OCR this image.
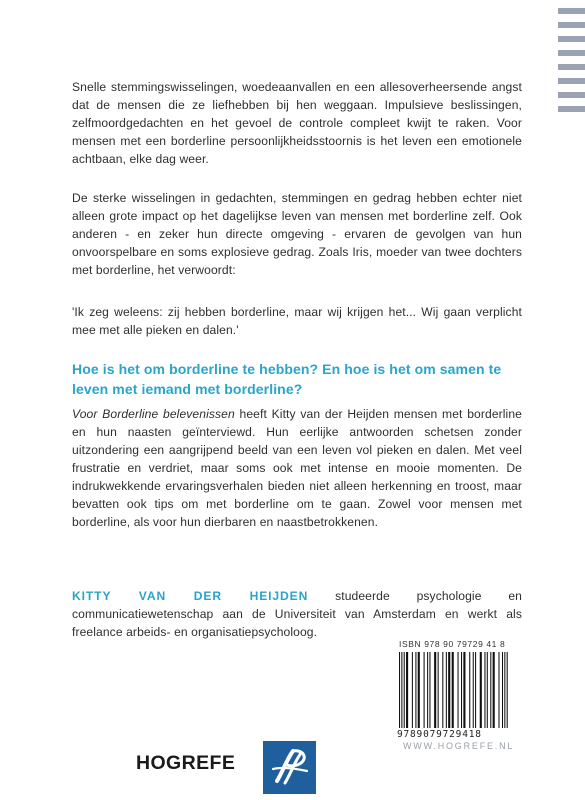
Snelle stemmingswisselingen, woedeaanvallen en een allesoverheersende angst dat de mensen die ze liefhebben bij hen weggaan. Impulsieve beslissingen, zelfmoordgedachten en het gevoel de controle compleet kwijt te raken. Voor mensen met een borderline persoonlijkheidsstoornis is het leven een emotionele achtbaan, elke dag weer.

De sterke wisselingen in gedachten, stemmingen en gedrag hebben echter niet alleen grote impact op het dagelijkse leven van mensen met borderline zelf. Ook anderen - en zeker hun directe omgeving - ervaren de gevolgen van hun onvoorspelbare en soms explosieve gedrag. Zoals Iris, moeder van twee dochters met borderline, het verwoordt:

'Ik zeg weleens: zij hebben borderline, maar wij krijgen het... Wij gaan verplicht mee met alle pieken en dalen.'

Hoe is het om borderline te hebben? En hoe is het om samen te leven met iemand met borderline?

Voor Borderline belevenissen heeft Kitty van der Heijden mensen met borderline en hun naasten geïnterviewd. Hun eerlijke antwoorden schetsen zonder uitzondering een aangrijpend beeld van een leven vol pieken en dalen. Met veel frustratie en verdriet, maar soms ook met intense en mooie momenten. De indrukwekkende ervaringsverhalen bieden niet alleen herkenning en troost, maar bevatten ook tips om met borderline om te gaan. Zowel voor mensen met borderline, als voor hun dierbaren en naastbetrokkenen.

KITTY VAN DER HEIJDEN studeerde psychologie en communicatiewetenschap aan de Universiteit van Amsterdam en werkt als freelance arbeids- en organisatiepsycholoog.

ISBN 978 90 79729 41 8

9789079729418

WWW.HOGREFE.NL

HOGREFE
